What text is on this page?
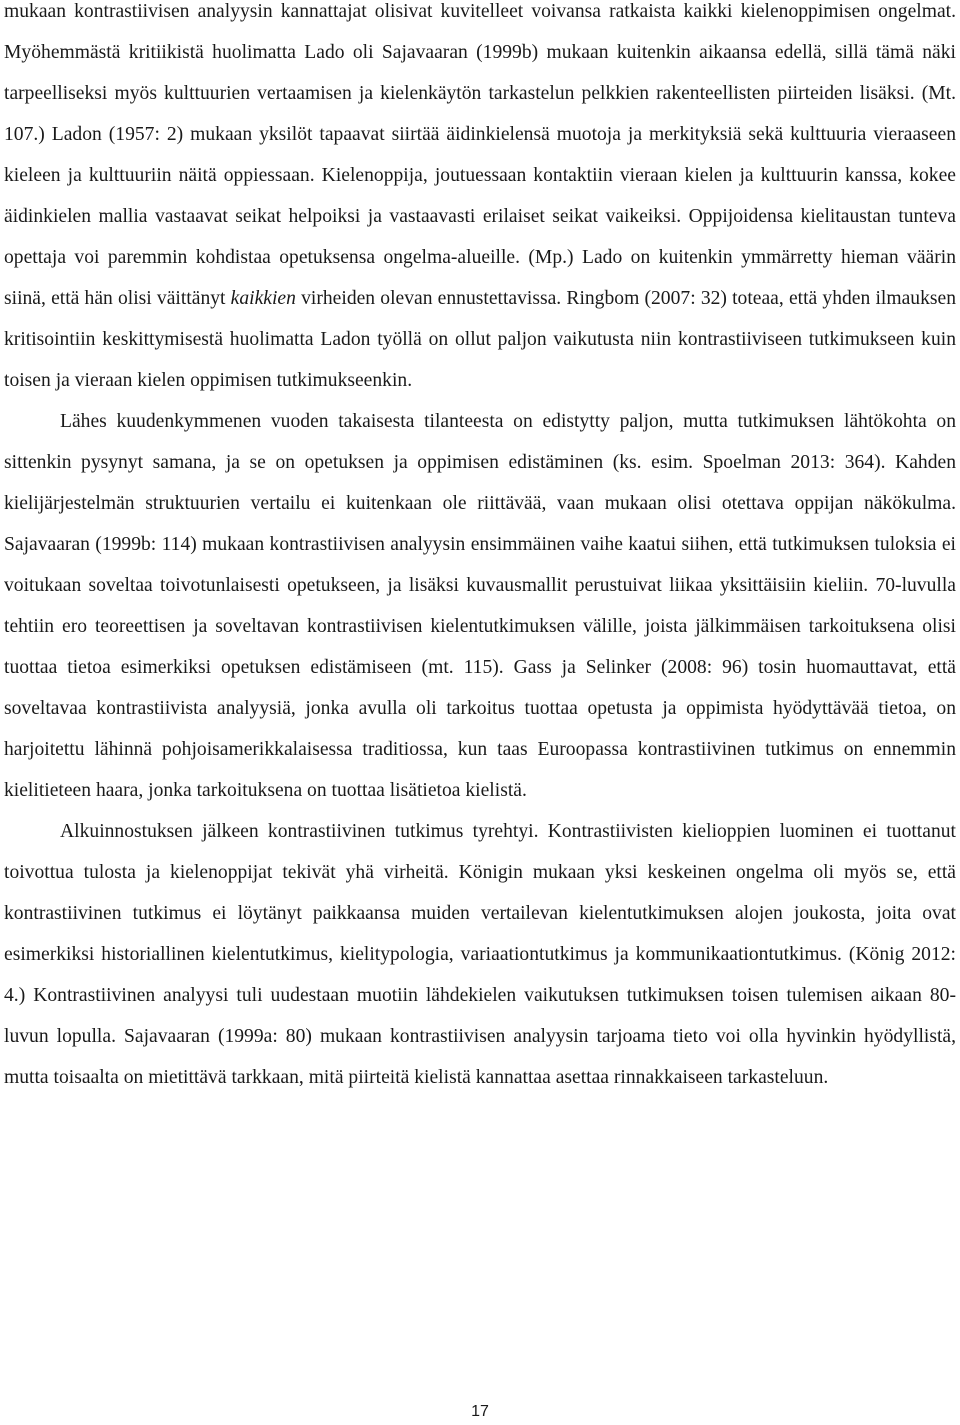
mukaan kontrastiivisen analyysin kannattajat olisivat kuvitelleet voivansa ratkaista kaikki kielenoppimisen ongelmat. Myöhemmästä kritiikistä huolimatta Lado oli Sajavaaran (1999b) mukaan kuitenkin aikaansa edellä, sillä tämä näki tarpeelliseksi myös kulttuurien vertaamisen ja kielenkäytön tarkastelun pelkkien rakenteellisten piirteiden lisäksi. (Mt. 107.) Ladon (1957: 2) mukaan yksilöt tapaavat siirtää äidinkielensä muotoja ja merkityksiä sekä kulttuuria vieraaseen kieleen ja kulttuuriin näitä oppiessaan. Kielenoppija, joutuessaan kontaktiin vieraan kielen ja kulttuurin kanssa, kokee äidinkielen mallia vastaavat seikat helpoiksi ja vastaavasti erilaiset seikat vaikeiksi. Oppijoidensa kielitaustan tunteva opettaja voi paremmin kohdistaa opetuksensa ongelma-alueille. (Mp.) Lado on kuitenkin ymmärretty hieman väärin siinä, että hän olisi väittänyt kaikkien virheiden olevan ennustettavissa. Ringbom (2007: 32) toteaa, että yhden ilmauksen kritisointiin keskittymisestä huolimatta Ladon työllä on ollut paljon vaikutusta niin kontrastiiviseen tutkimukseen kuin toisen ja vieraan kielen oppimisen tutkimukseenkin.

Lähes kuudenkymmenen vuoden takaisesta tilanteesta on edistytty paljon, mutta tutkimuksen lähtökohta on sittenkin pysynyt samana, ja se on opetuksen ja oppimisen edistäminen (ks. esim. Spoelman 2013: 364). Kahden kielijärjestelmän struktuurien vertailu ei kuitenkaan ole riittävää, vaan mukaan olisi otettava oppijan näkökulma. Sajavaaran (1999b: 114) mukaan kontrastiivisen analyysin ensimmäinen vaihe kaatui siihen, että tutkimuksen tuloksia ei voitukaan soveltaa toivotunlaisesti opetukseen, ja lisäksi kuvausmallit perustuivat liikaa yksittäisiin kieliin. 70-luvulla tehtiin ero teoreettisen ja soveltavan kontrastiivisen kielentutkimuksen välille, joista jälkimmäisen tarkoituksena olisi tuottaa tietoa esimerkiksi opetuksen edistämiseen (mt. 115). Gass ja Selinker (2008: 96) tosin huomauttavat, että soveltavaa kontrastiivista analyysiä, jonka avulla oli tarkoitus tuottaa opetusta ja oppimista hyödyttävää tietoa, on harjoitettu lähinnä pohjoisamerikkalaisessa traditiossa, kun taas Euroopassa kontrastiivinen tutkimus on ennemmin kielitieteen haara, jonka tarkoituksena on tuottaa lisätietoa kielistä.

Alkuinnostuksen jälkeen kontrastiivinen tutkimus tyrehtyi. Kontrastiivisten kielioppien luominen ei tuottanut toivottua tulosta ja kielenoppijat tekivät yhä virheitä. Königin mukaan yksi keskeinen ongelma oli myös se, että kontrastiivinen tutkimus ei löytänyt paikkaansa muiden vertailevan kielentutkimuksen alojen joukosta, joita ovat esimerkiksi historiallinen kielentutkimus, kielitypologia, variaationtutkimus ja kommunikaationtutkimus. (König 2012: 4.) Kontrastiivinen analyysi tuli uudestaan muotiin lähdekielen vaikutuksen tutkimuksen toisen tulemisen aikaan 80-luvun lopulla. Sajavaaran (1999a: 80) mukaan kontrastiivisen analyysin tarjoama tieto voi olla hyvinkin hyödyllistä, mutta toisaalta on mietittävä tarkkaan, mitä piirteitä kielistä kannattaa asettaa rinnakkaiseen tarkasteluun.

17
